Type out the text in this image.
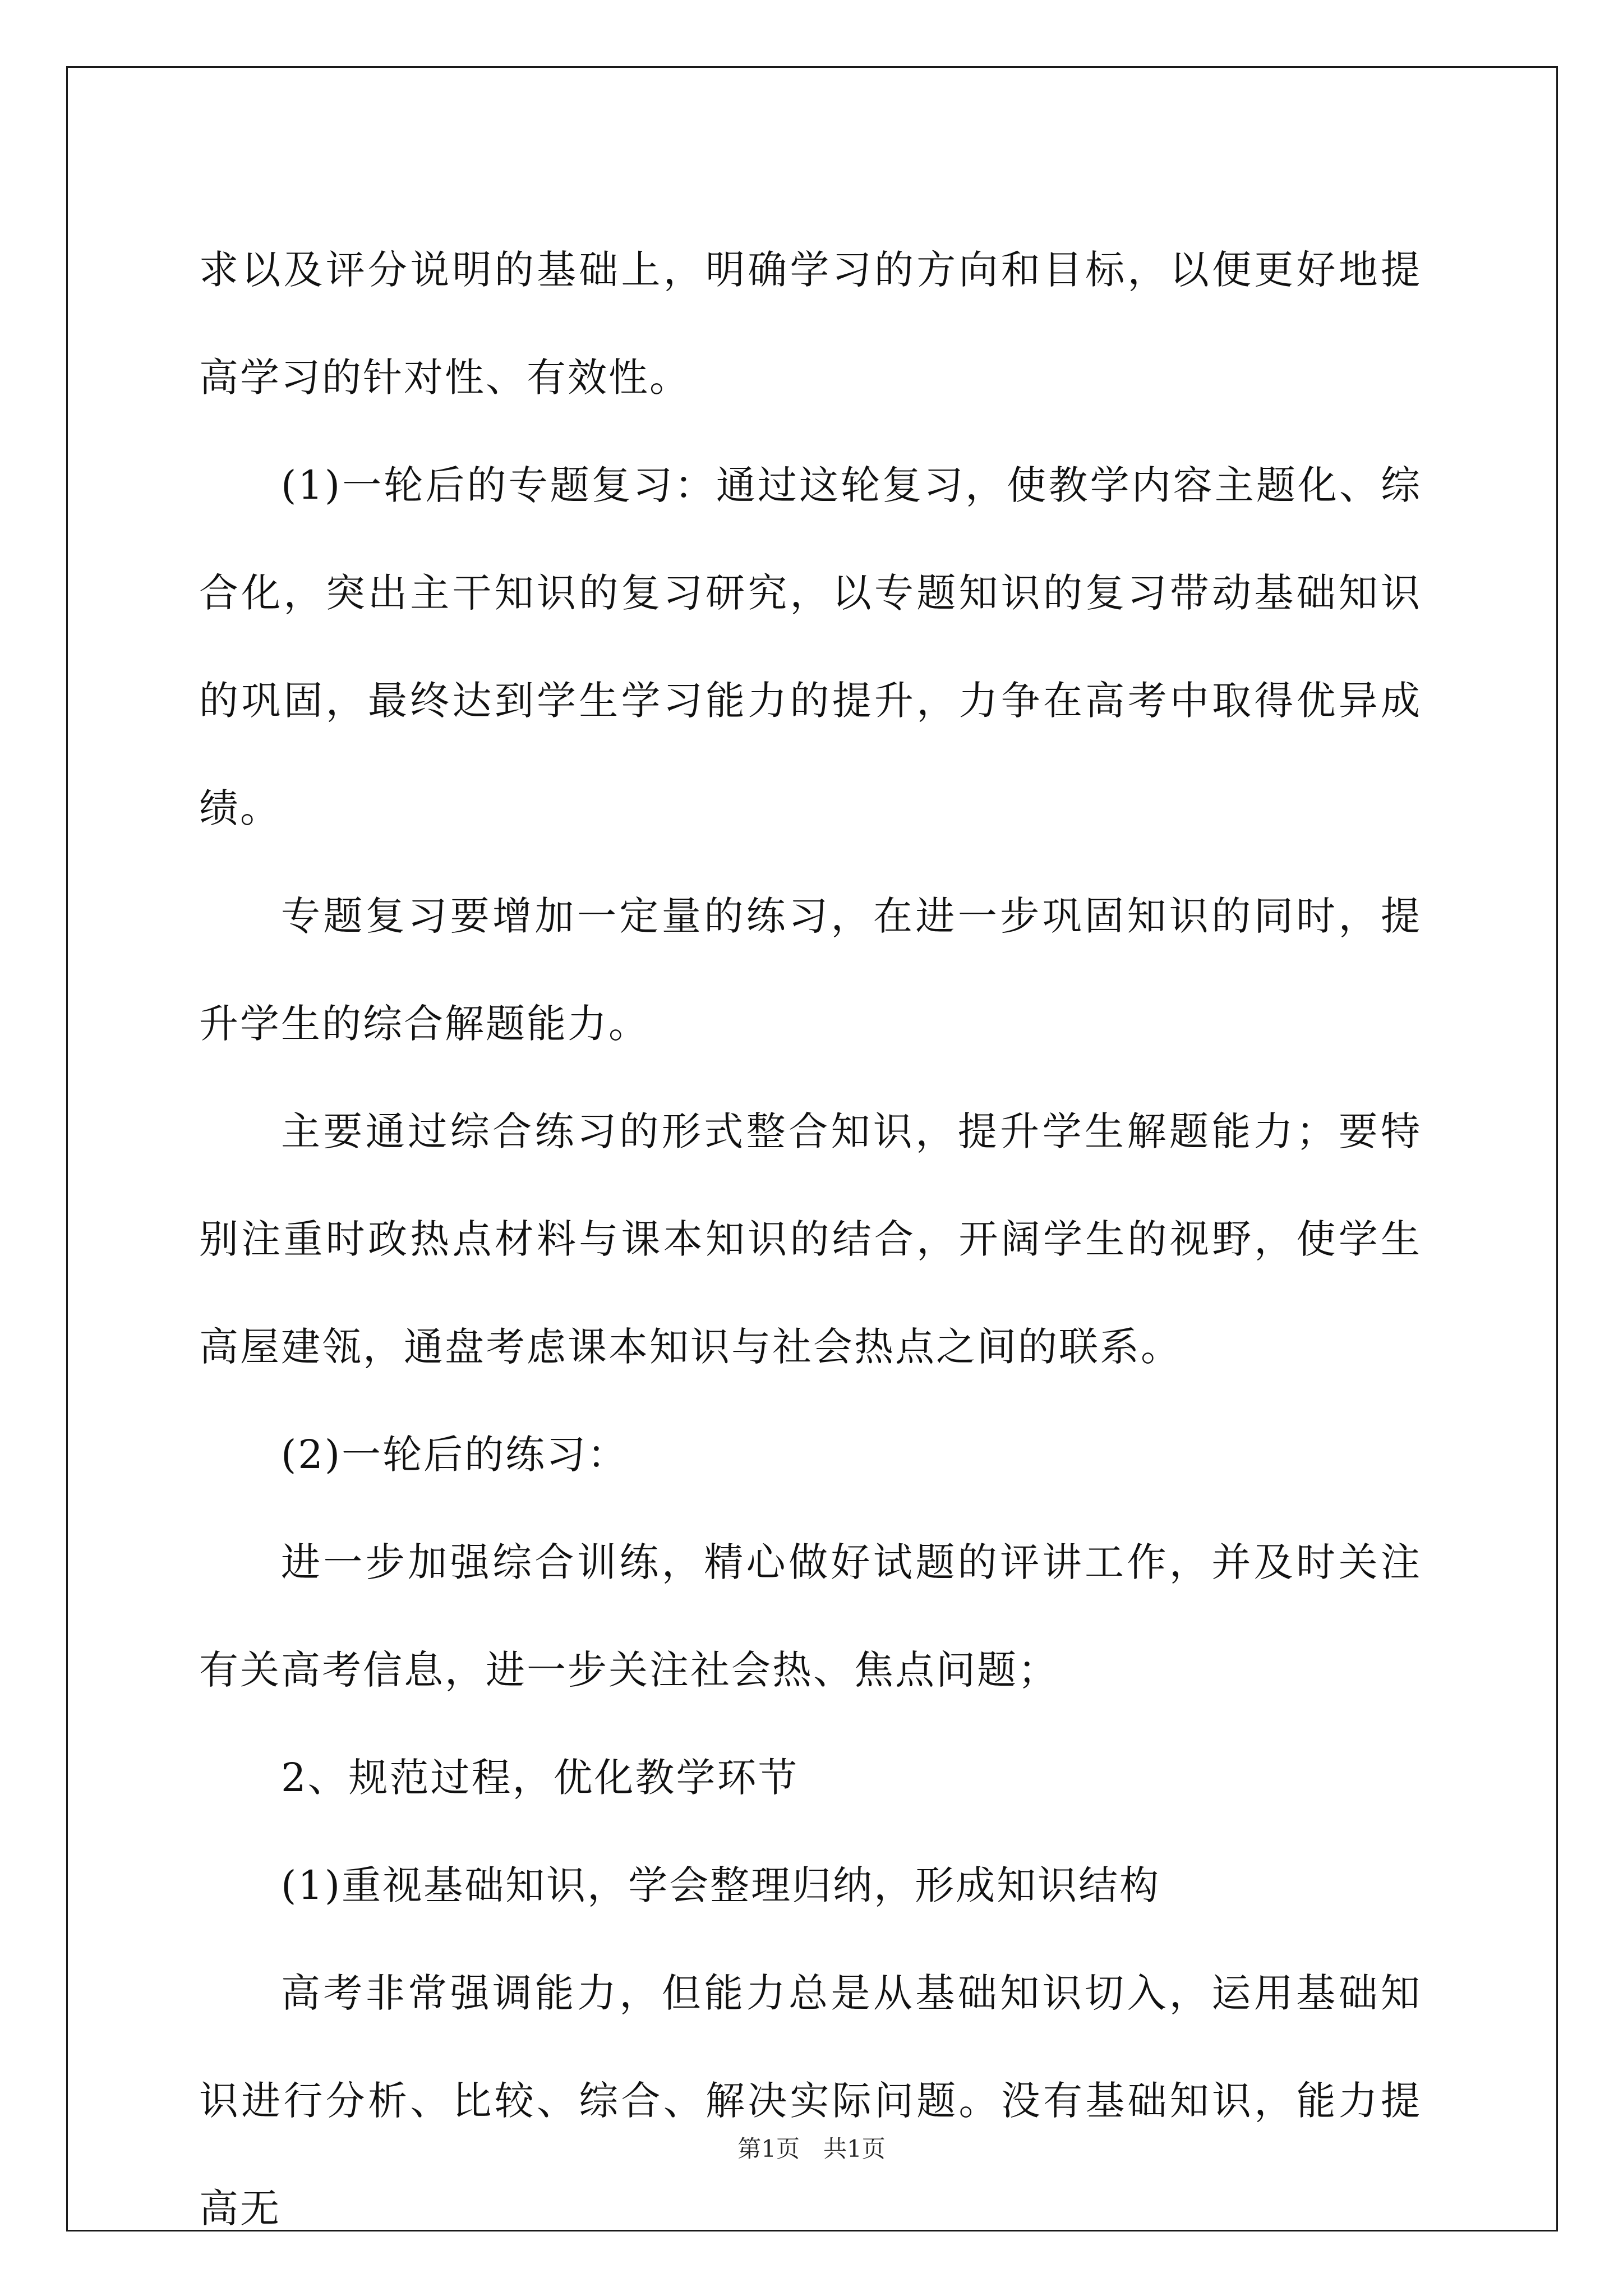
求以及评分说明的基础上，明确学习的方向和目标，以便更好地提高学习的针对性、有效性。

(1)一轮后的专题复习：通过这轮复习，使教学内容主题化、综合化，突出主干知识的复习研究，以专题知识的复习带动基础知识的巩固，最终达到学生学习能力的提升，力争在高考中取得优异成绩。

专题复习要增加一定量的练习，在进一步巩固知识的同时，提升学生的综合解题能力。

主要通过综合练习的形式整合知识，提升学生解题能力；要特别注重时政热点材料与课本知识的结合，开阔学生的视野，使学生高屋建瓴，通盘考虑课本知识与社会热点之间的联系。

(2)一轮后的练习：

进一步加强综合训练，精心做好试题的评讲工作，并及时关注有关高考信息，进一步关注社会热、焦点问题；

2、规范过程，优化教学环节

(1)重视基础知识，学会整理归纳，形成知识结构

高考非常强调能力，但能力总是从基础知识切入，运用基础知识进行分析、比较、综合、解决实际问题。没有基础知识，能力提高无

第1页　共1页
